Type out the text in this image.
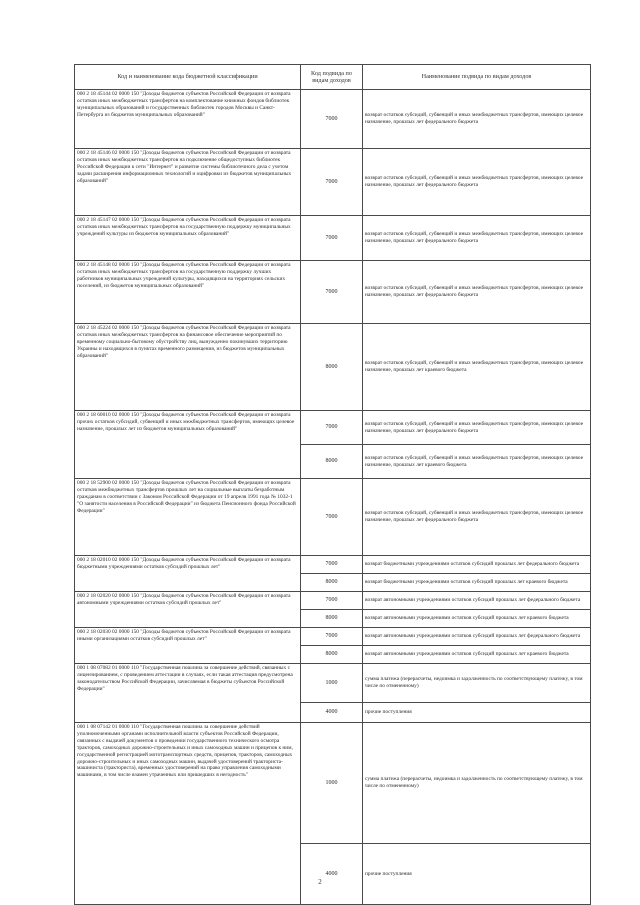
Код и наименование кода бюджетной классификации	Код подвида по видам доходов	Наименование подвида по видам доходов
000 2 18 45144 02 0000 150 "Доходы бюджетов субъектов Российской Федерации от возврата остатков иных межбюджетных трансфертов на комплектование книжных фондов библиотек муниципальных образований и государственных библиотек городов Москвы и Санкт-Петербурга из бюджетов муниципальных образований"	7000	возврат остатков субсидий, субвенций и иных межбюджетных трансфертов, имеющих целевое назначение, прошлых лет федерального бюджета
000 2 18 45146 02 0000 150 "Доходы бюджетов субъектов Российской Федерации от возврата остатков иных межбюджетных трансфертов на подключение общедоступных библиотек Российской Федерации к сети "Интернет" и развитие системы библиотечного дела с учетом задачи расширения информационных технологий и оцифровки из бюджетов муниципальных образований"	7000	возврат остатков субсидий, субвенций и иных межбюджетных трансфертов, имеющих целевое назначение, прошлых лет федерального бюджета
000 2 18 45147 02 0000 150 "Доходы бюджетов субъектов Российской Федерации от возврата остатков иных межбюджетных трансфертов на государственную поддержку муниципальных учреждений культуры из бюджетов муниципальных образований"	7000	возврат остатков субсидий, субвенций и иных межбюджетных трансфертов, имеющих целевое назначение, прошлых лет федерального бюджета
000 2 18 45148 02 0000 150 "Доходы бюджетов субъектов Российской Федерации от возврата остатков иных межбюджетных трансфертов на государственную поддержку лучших работников муниципальных учреждений культуры, находящихся на территориях сельских поселений, из бюджетов муниципальных образований"	7000	возврат остатков субсидий, субвенций и иных межбюджетных трансфертов, имеющих целевое назначение, прошлых лет федерального бюджета
000 2 18 45224 02 0000 150 "Доходы бюджетов субъектов Российской Федерации от возврата остатков иных межбюджетных трансфертов на финансовое обеспечение мероприятий по временному социально-бытовому обустройству лиц, вынужденно покинувших территорию Украины и находящихся в пунктах временного размещения, из бюджетов муниципальных образований"	8000	возврат остатков субсидий, субвенций и иных межбюджетных трансфертов, имеющих целевое назначение, прошлых лет краевого бюджета
000 2 18 60010 02 0000 150 "Доходы бюджетов субъектов Российской Федерации от возврата прочих остатков субсидий, субвенций и иных межбюджетных трансфертов, имеющих целевое назначение, прошлых лет из бюджетов муниципальных образований"	7000	возврат остатков субсидий, субвенций и иных межбюджетных трансфертов, имеющих целевое назначение, прошлых лет федерального бюджета
	8000	возврат остатков субсидий, субвенций и иных межбюджетных трансфертов, имеющих целевое назначение, прошлых лет краевого бюджета
000 2 18 52900 02 0000 150 "Доходы бюджетов субъектов Российской Федерации от возврата остатков межбюджетных трансфертов прошлых лет на социальные выплаты безработным гражданам в соответствии с Законом Российской Федерации от 19 апреля 1991 года № 1032-1 "О занятости населения в Российской Федерации" из бюджета Пенсионного фонда Российской Федерации"	7000	возврат остатков субсидий, субвенций и иных межбюджетных трансфертов, имеющих целевое назначение, прошлых лет федерального бюджета
000 2 18 02010 02 0000 150 "Доходы бюджетов субъектов Российской Федерации от возврата бюджетными учреждениями остатков субсидий прошлых лет"	7000	возврат бюджетными учреждениями остатков субсидий прошлых лет федерального бюджета
	8000	возврат бюджетными учреждениями остатков субсидий прошлых лет краевого бюджета
000 2 18 02020 02 0000 150 "Доходы бюджетов субъектов Российской Федерации от возврата автономными учреждениями остатков субсидий прошлых лет"	7000	возврат автономными учреждениями остатков субсидий прошлых лет федерального бюджета
	8000	возврат автономными учреждениями остатков субсидий прошлых лет краевого бюджета
000 2 18 02030 02 0000 150 "Доходы бюджетов субъектов Российской Федерации от возврата иными организациями остатков субсидий прошлых лет"	7000	возврат автономными учреждениями остатков субсидий прошлых лет федерального бюджета
	8000	возврат автономными учреждениями остатков субсидий прошлых лет краевого бюджета
000 1 08 07082 01 0000 110 "Государственная пошлина за совершение действий, связанных с лицензированием, с проведением аттестации в случаях, если такая аттестация предусмотрена законодательством Российской Федерации, зачисляемая в бюджеты субъектов Российской Федерации"	1000	сумма платежа (перерасчеты, недоимка и задолженность по соответствующему платежу, в том числе по отмененному)
	4000	прочие поступления
000 1 08 07142 01 0000 110 "Государственная пошлина за совершение действий уполномоченными органами исполнительной власти субъектов Российской Федерации, связанных с выдачей документов о проведении государственного технического осмотра тракторов, самоходных дорожно-строительных и иных самоходных машин и прицепов к ним, государственной регистрацией мототранспортных средств, прицепов, тракторов, самоходных дорожно-строительных и иных самоходных машин, выдачей удостоверений тракториста-машиниста (тракториста), временных удостоверений на право управления самоходными машинами, в том числе взамен утраченных или пришедших в негодность"	1000	сумма платежа (перерасчеты, недоимка и задолженность по соответствующему платежу, в том числе по отмененному)
	4000	прочие поступления
2
